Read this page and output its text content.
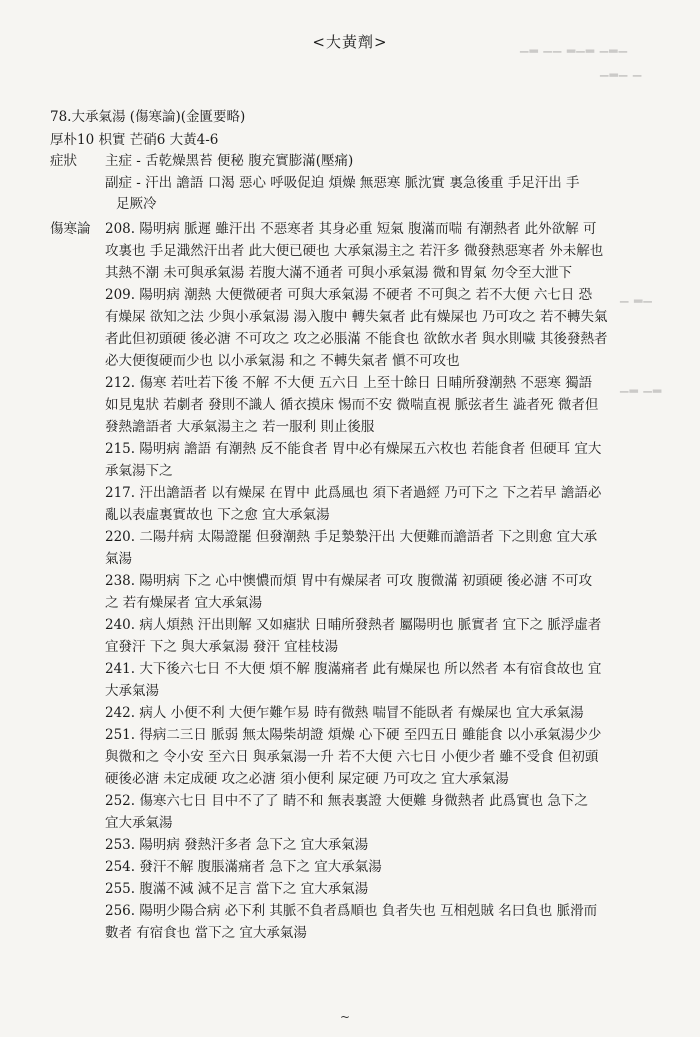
▁▂ ▁▁ ▂▁▂ ▁▂▁
▁▂▁ ▁
▁ ▂▁
▁▂ ▁▂
<大黃劑>
78.大承氣湯 (傷寒論)(金匱要略)
厚朴10 枳實 芒硝6 大黃4-6
症狀	主症 - 舌乾燥黑苔 便秘 腹充實膨滿(壓痛)
副症 - 汗出 譫語 口渴 惡心 呼吸促迫 煩燥 無惡寒 脈沈實 裏急後重 手足汗出 手
足厥冷
傷寒論	208. 陽明病 脈遲 雖汗出 不惡寒者 其身必重 短氣 腹滿而喘 有潮熱者 此外欲解 可
攻裏也 手足濈然汗出者 此大便已硬也 大承氣湯主之 若汗多 微發熱惡寒者 外未解也
其熱不潮 未可與承氣湯 若腹大滿不通者 可與小承氣湯 微和胃氣 勿令至大泄下
209. 陽明病 潮熱 大便微硬者 可與大承氣湯 不硬者 不可與之 若不大便 六七日 恐
有燥屎 欲知之法 少與小承氣湯 湯入腹中 轉失氣者 此有燥屎也 乃可攻之 若不轉失氣
者此但初頭硬 後必溏 不可攻之 攻之必脹滿 不能食也 欲飲水者 與水則噦 其後發熱者
必大便復硬而少也 以小承氣湯 和之 不轉失氣者 愼不可攻也
212. 傷寒 若吐若下後 不解 不大便 五六日 上至十餘日 日晡所發潮熱 不惡寒 獨語
如見鬼狀 若劇者 發則不識人 循衣摸床 惕而不安 微喘直視 脈弦者生 澁者死 微者但
發熱譫語者 大承氣湯主之 若一服利 則止後服
215. 陽明病 譫語 有潮熱 反不能食者 胃中必有燥屎五六枚也 若能食者 但硬耳 宜大
承氣湯下之
217. 汗出譫語者 以有燥屎 在胃中 此爲風也 須下者過經 乃可下之 下之若早 譫語必
亂以表虛裏實故也 下之愈 宜大承氣湯
220. 二陽幷病 太陽證罷 但發潮熱 手足漐漐汗出 大便難而譫語者 下之則愈 宜大承
氣湯
238. 陽明病 下之 心中懊憹而煩 胃中有燥屎者 可攻 腹微滿 初頭硬 後必溏 不可攻
之 若有燥屎者 宜大承氣湯
240. 病人煩熱 汗出則解 又如瘧狀 日晡所發熱者 屬陽明也 脈實者 宜下之 脈浮虛者
宜發汗 下之 與大承氣湯 發汗 宜桂枝湯
241. 大下後六七日 不大便 煩不解 腹滿痛者 此有燥屎也 所以然者 本有宿食故也 宜
大承氣湯
242. 病人 小便不利 大便乍難乍易 時有微熱 喘冒不能臥者 有燥屎也 宜大承氣湯
251. 得病二三日 脈弱 無太陽柴胡證 煩燥 心下硬 至四五日 雖能食 以小承氣湯少少
與微和之 令小安 至六日 與承氣湯一升 若不大便 六七日 小便少者 雖不受食 但初頭
硬後必溏 未定成硬 攻之必溏 須小便利 屎定硬 乃可攻之 宜大承氣湯
252. 傷寒六七日 目中不了了 睛不和 無表裏證 大便難 身微熱者 此爲實也 急下之
宜大承氣湯
253. 陽明病 發熱汗多者 急下之 宜大承氣湯
254. 發汗不解 腹脹滿痛者 急下之 宜大承氣湯
255. 腹滿不減 減不足言 當下之 宜大承氣湯
256. 陽明少陽合病 必下利 其脈不負者爲順也 負者失也 互相剋賊 名曰負也 脈滑而
數者 有宿食也 當下之 宜大承氣湯
~
